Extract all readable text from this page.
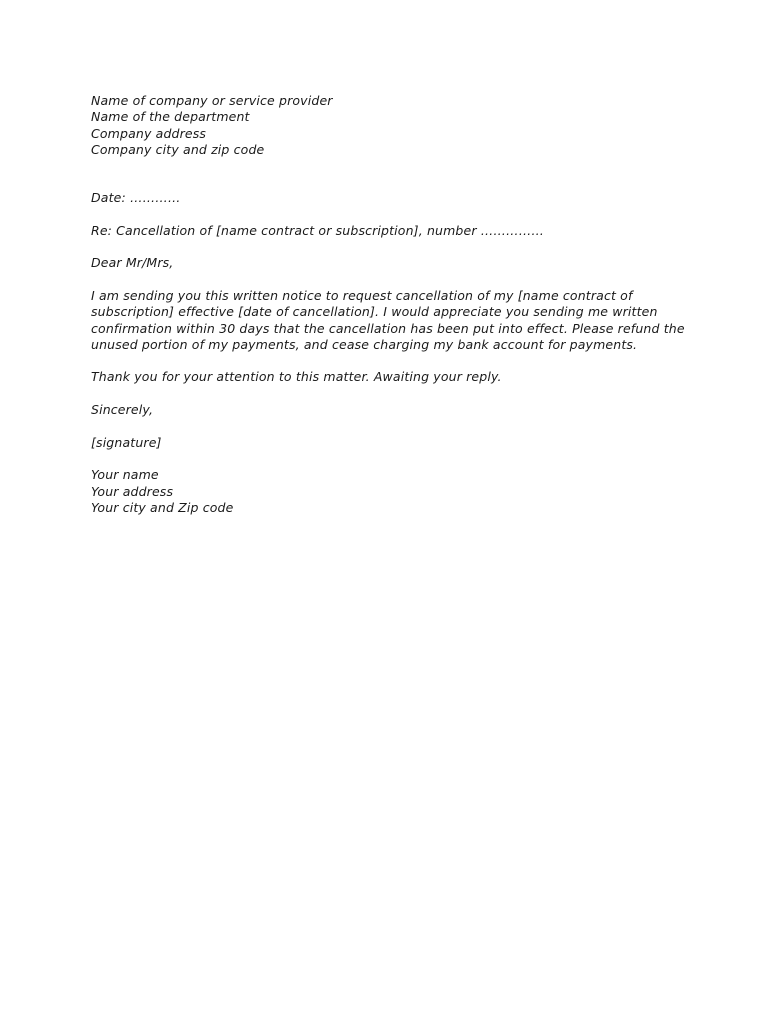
Name of company or service provider
Name of the department
Company address
Company city and zip code
Date: …………
Re: Cancellation of [name contract or subscription], number ……………
Dear Mr/Mrs,
I am sending you this written notice to request cancellation of my [name contract of
subscription] effective [date of cancellation]. I would appreciate you sending me written
confirmation within 30 days that the cancellation has been put into effect. Please refund the
unused portion of my payments, and cease charging my bank account for payments.
Thank you for your attention to this matter. Awaiting your reply.
Sincerely,
[signature]
Your name
Your address
Your city and Zip code
